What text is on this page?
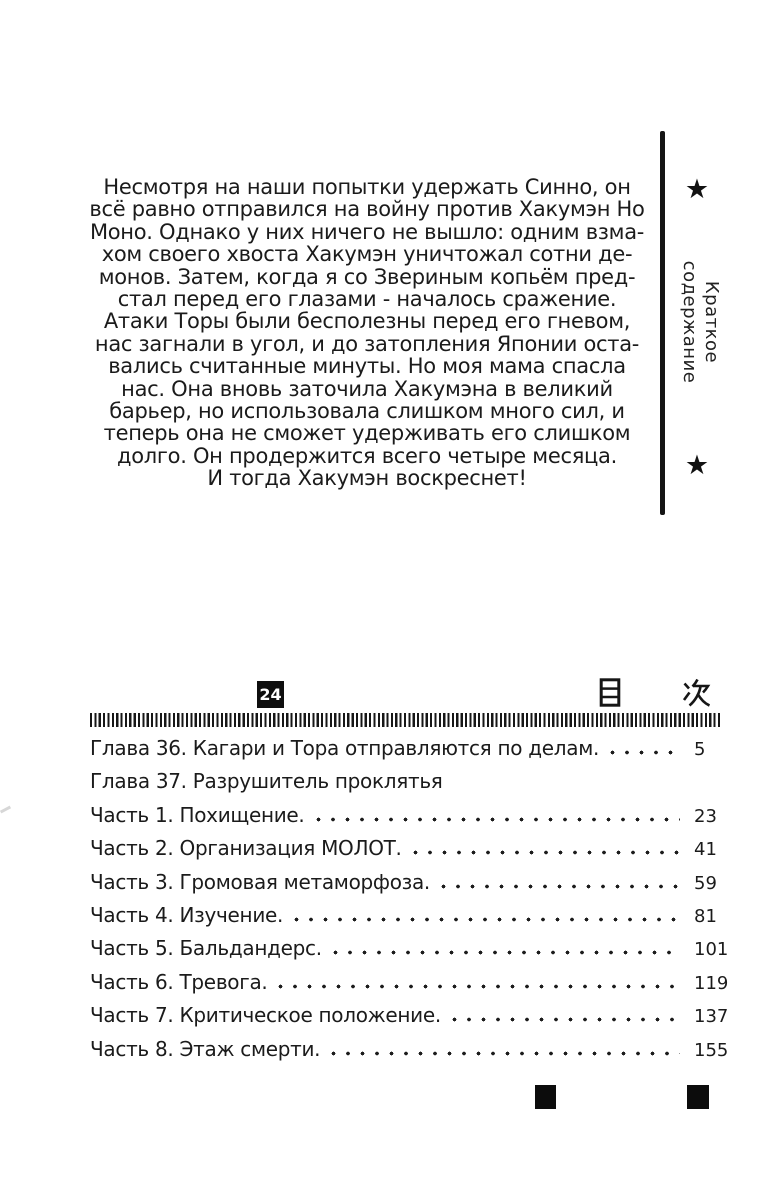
Несмотря на наши попытки удержать Синно, он
всё равно отправился на войну против Хакумэн Но
Моно. Однако у них ничего не вышло: одним взма-
хом своего хвоста Хакумэн уничтожал сотни де-
монов. Затем, когда я со Звериным копьём пред-
стал перед его глазами - началось сражение.
Атаки Торы были бесполезны перед его гневом,
нас загнали в угол, и до затопления Японии оста-
вались считанные минуты. Но моя мама спасла
нас. Она вновь заточила Хакумэна в великий
барьер, но использовала слишком много сил, и
теперь она не сможет удерживать его слишком
долго. Он продержится всего четыре месяца.
И тогда Хакумэн воскреснет!
★
Краткое
содержание
★
24
Глава 36. Кагари и Тора отправляются по делам.	5
Глава 37. Разрушитель проклятья
Часть 1. Похищение.	23
Часть 2. Организация МОЛОТ.	41
Часть 3. Громовая метаморфоза.	59
Часть 4. Изучение.	81
Часть 5. Бальдандерс.	101
Часть 6. Тревога.	119
Часть 7. Критическое положение.	137
Часть 8. Этаж смерти.	155
